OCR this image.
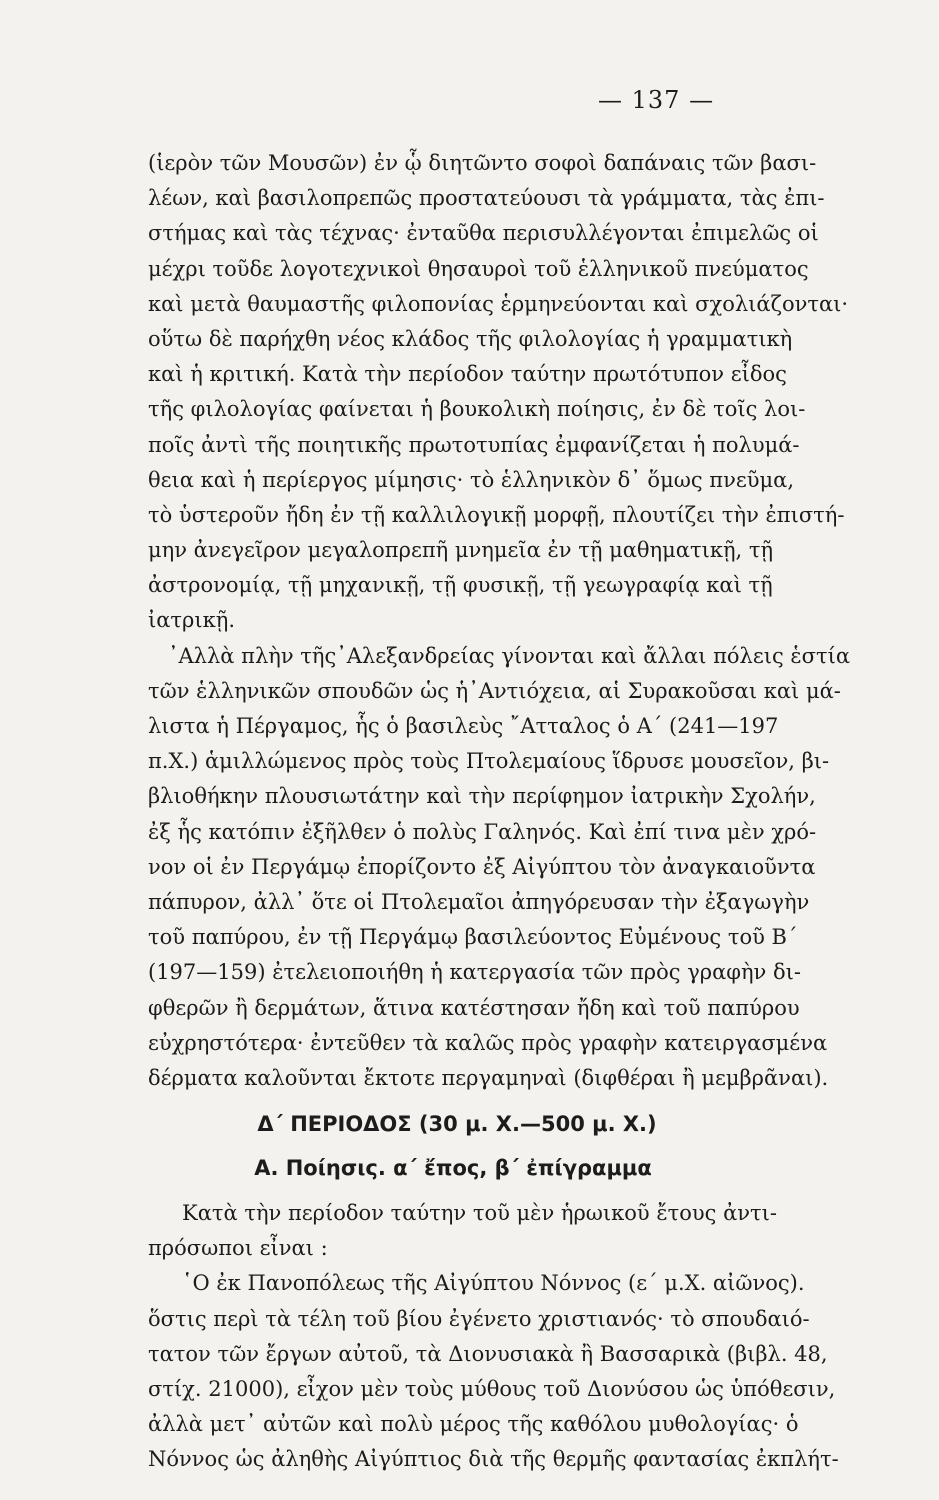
— 137 —
(ἱερὸν τῶν Μουσῶν) ἐν ᾧ διητῶντο σοφοὶ δαπάναις τῶν βασι-
λέων, καὶ βασιλοπρεπῶς προστατεύουσι τὰ γράμματα, τὰς ἐπι-
στήμας καὶ τὰς τέχνας· ἐνταῦθα περισυλλέγονται ἐπιμελῶς οἱ
μέχρι τοῦδε λογοτεχνικοὶ θησαυροὶ τοῦ ἑλληνικοῦ πνεύματος
καὶ μετὰ θαυμαστῆς φιλοπονίας ἑρμηνεύονται καὶ σχολιάζονται·
οὕτω δὲ παρήχθη νέος κλάδος τῆς φιλολογίας ἡ γραμματικὴ
καὶ ἡ κριτική. Κατὰ τὴν περίοδον ταύτην πρωτότυπον εἶδος
τῆς φιλολογίας φαίνεται ἡ βουκολικὴ ποίησις, ἐν δὲ τοῖς λοι-
ποῖς ἀντὶ τῆς ποιητικῆς πρωτοτυπίας ἐμφανίζεται ἡ πολυμά-
θεια καὶ ἡ περίεργος μίμησις· τὸ ἑλληνικὸν δ᾽ ὅμως πνεῦμα,
τὸ ὑστεροῦν ἤδη ἐν τῇ καλλιλογικῇ μορφῇ, πλουτίζει τὴν ἐπιστή-
μην ἀνεγεῖρον μεγαλοπρεπῆ μνημεῖα ἐν τῇ μαθηματικῇ, τῇ
ἀστρονομίᾳ, τῇ μηχανικῇ, τῇ φυσικῇ, τῇ γεωγραφίᾳ καὶ τῇ
ἰατρικῇ.
᾽Αλλὰ πλὴν τῆς᾽Αλεξανδρείας γίνονται καὶ ἄλλαι πόλεις ἑστία
τῶν ἑλληνικῶν σπουδῶν ὡς ἡ᾽Αντιόχεια, αἱ Συρακοῦσαι καὶ μά-
λιστα ἡ Πέργαμος, ἧς ὁ βασιλεὺς ῎Ατταλος ὁ Α΄ (241—197
π.Χ.) ἁμιλλώμενος πρὸς τοὺς Πτολεμαίους ἵδρυσε μουσεῖον, βι-
βλιοθήκην πλουσιωτάτην καὶ τὴν περίφημον ἰατρικὴν Σχολήν,
ἐξ ἧς κατόπιν ἐξῆλθεν ὁ πολὺς Γαληνός. Καὶ ἐπί τινα μὲν χρό-
νον οἱ ἐν Περγάμῳ ἐπορίζοντο ἐξ Αἰγύπτου τὸν ἀναγκαιοῦντα
πάπυρον, ἀλλ᾽ ὅτε οἱ Πτολεμαῖοι ἀπηγόρευσαν τὴν ἐξαγωγὴν
τοῦ παπύρου, ἐν τῇ Περγάμῳ βασιλεύοντος Εὐμένους τοῦ Β΄
(197—159) ἐτελειοποιήθη ἡ κατεργασία τῶν πρὸς γραφὴν δι-
φθερῶν ἢ δερμάτων, ἅτινα κατέστησαν ἤδη καὶ τοῦ παπύρου
εὐχρηστότερα· ἐντεῦθεν τὰ καλῶς πρὸς γραφὴν κατειργασμένα
δέρματα καλοῦνται ἔκτοτε περγαμηναὶ (διφθέραι ἢ μεμβρᾶναι).
Δ΄ ΠΕΡΙΟΔΟΣ (30 μ. Χ.—500 μ. Χ.)
Α. Ποίησις. α΄ ἔπος, β΄ ἐπίγραμμα
Κατὰ τὴν περίοδον ταύτην τοῦ μὲν ἡρωικοῦ ἔτους ἀντι-
πρόσωποι εἶναι :
῾Ο ἐκ Πανοπόλεως τῆς Αἰγύπτου Νόννος (ε΄ μ.Χ. αἰῶνος).
ὅστις περὶ τὰ τέλη τοῦ βίου ἐγένετο χριστιανός· τὸ σπουδαιό-
τατον τῶν ἔργων αὐτοῦ, τὰ Διονυσιακὰ ἢ Βασσαρικὰ (βιβλ. 48,
στίχ. 21000), εἶχον μὲν τοὺς μύθους τοῦ Διονύσου ὡς ὑπόθεσιν,
ἀλλὰ μετ᾽ αὐτῶν καὶ πολὺ μέρος τῆς καθόλου μυθολογίας· ὁ
Νόννος ὡς ἀληθὴς Αἰγύπτιος διὰ τῆς θερμῆς φαντασίας ἐκπλήτ-
